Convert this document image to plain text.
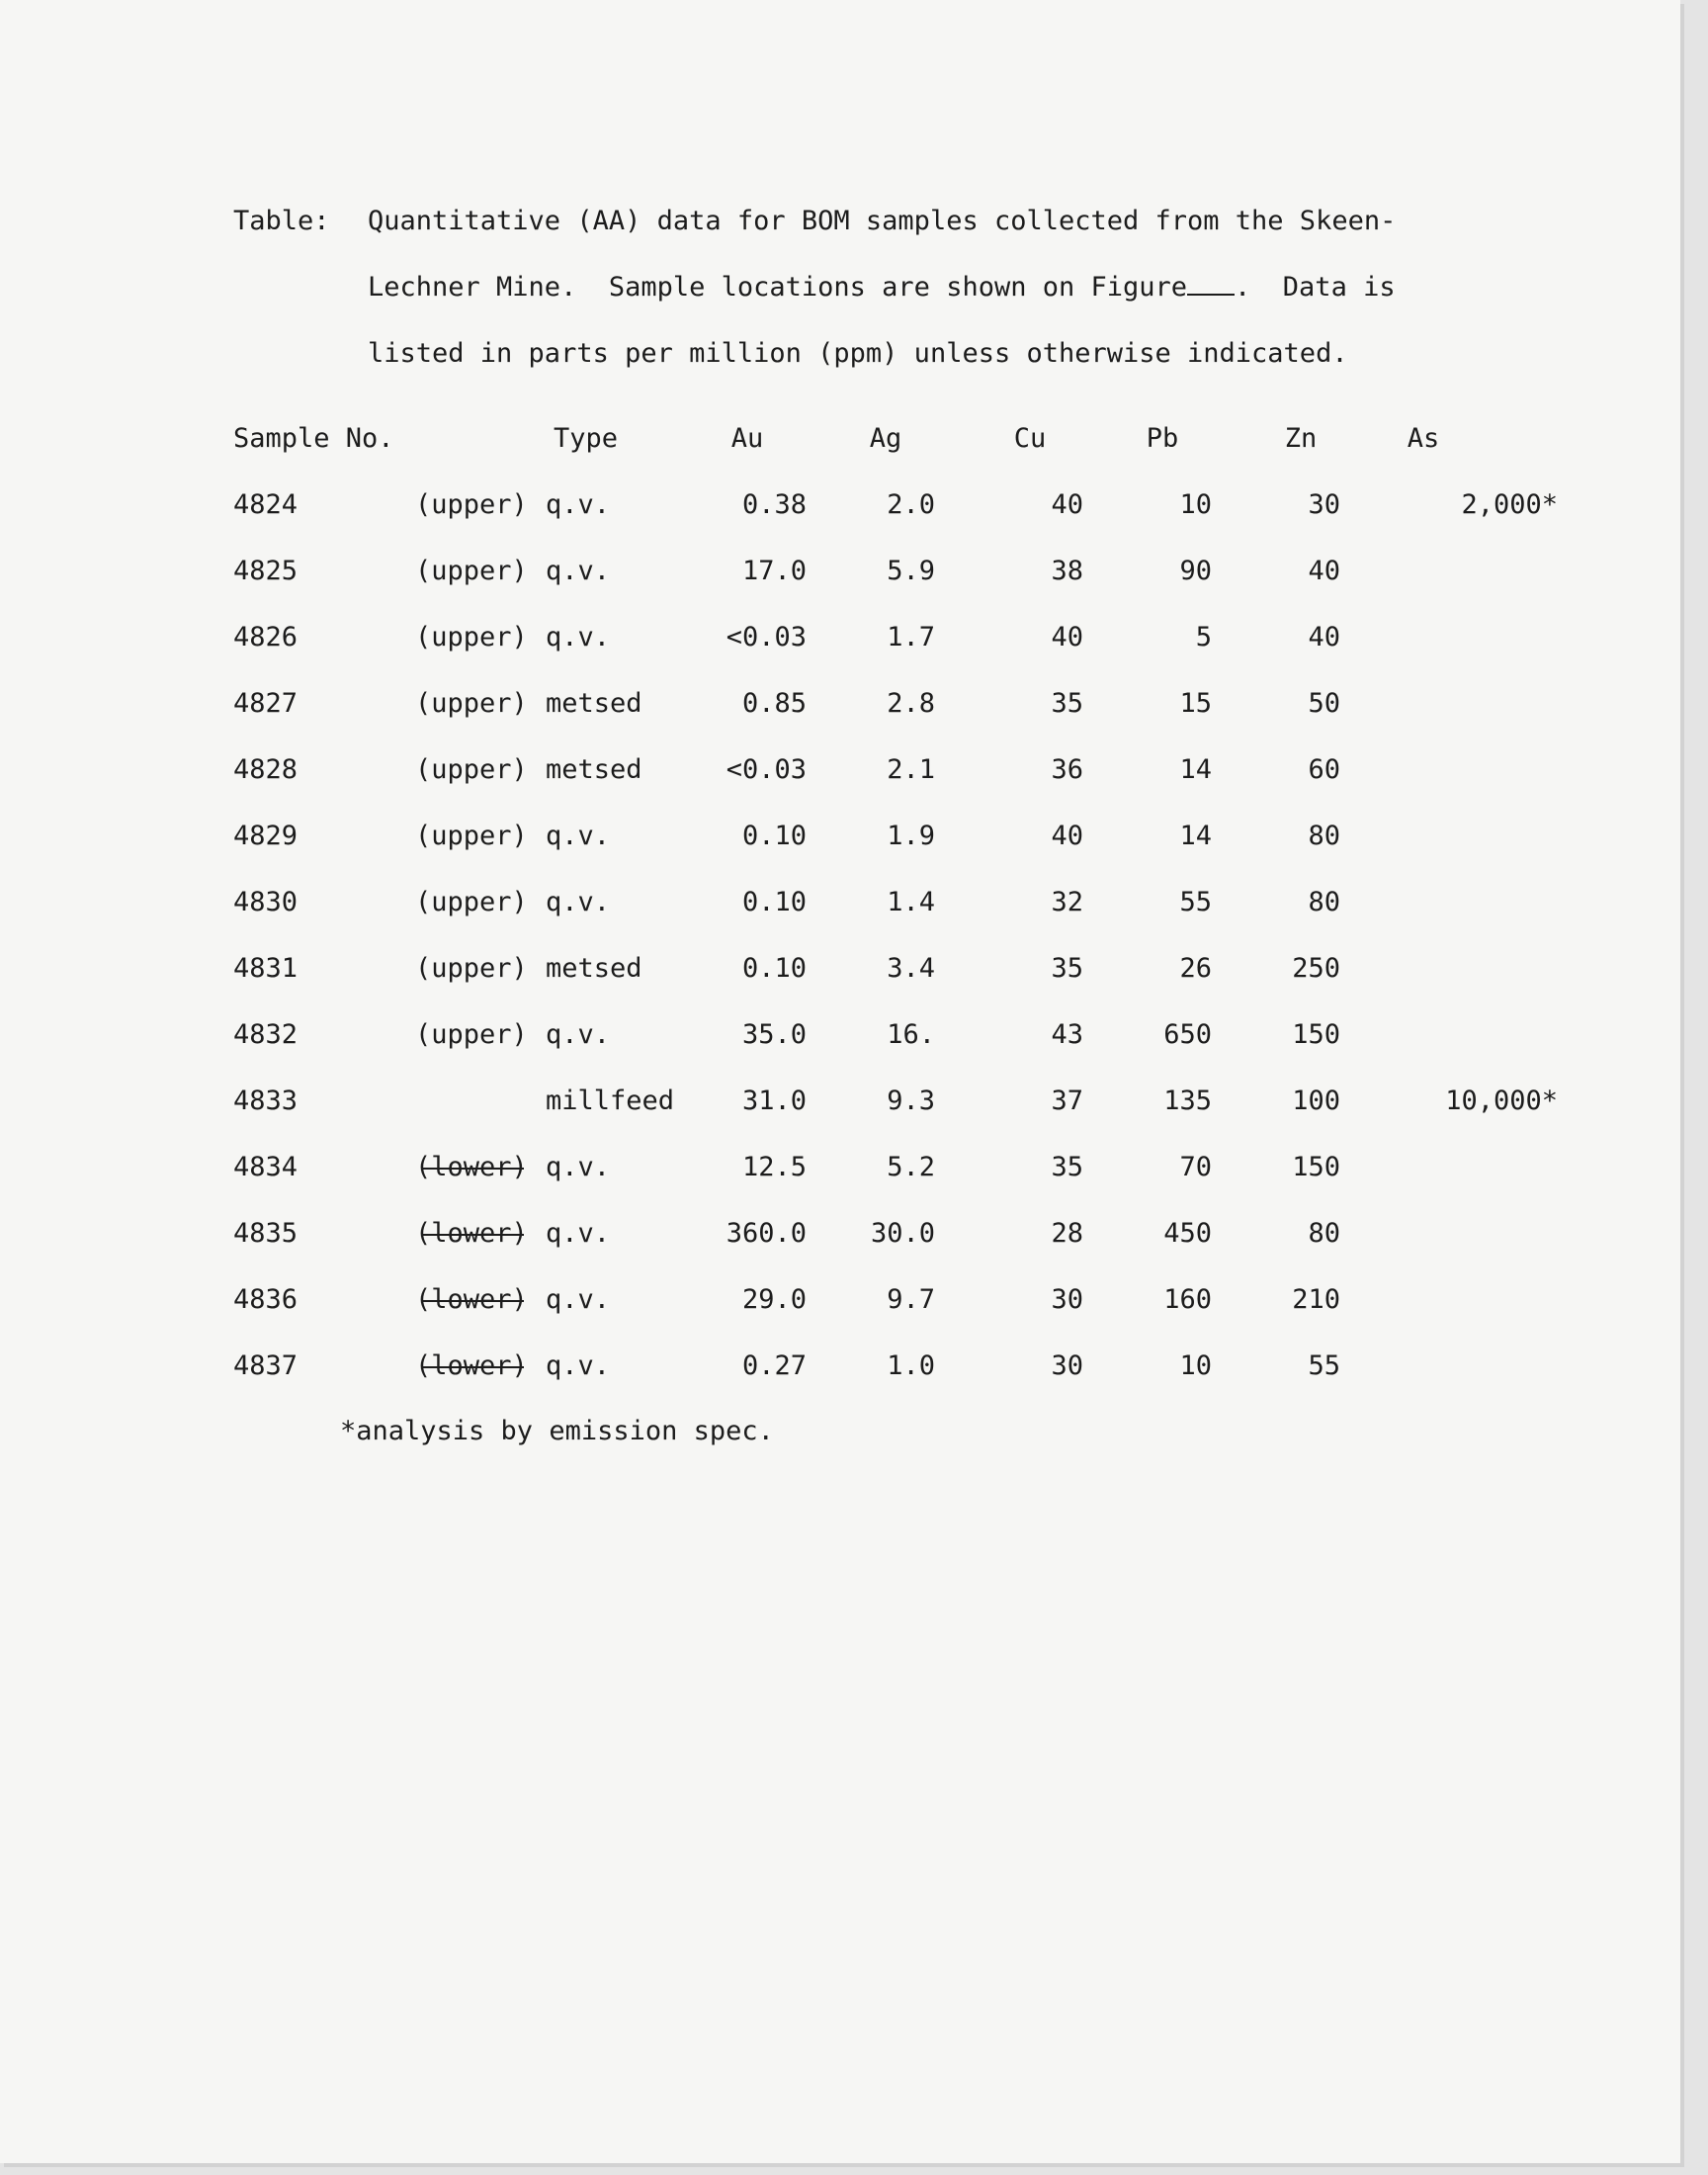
Table: Quantitative (AA) data for BOM samples collected from the Skeen-
Lechner Mine.  Sample locations are shown on Figure .  Data is
listed in parts per million (ppm) unless otherwise indicated.
Sample No.	Type	Au	Ag	Cu	Pb	Zn	As
4824	(upper) q.v.	0.38	2.0	40	10	30	2,000*
4825	(upper) q.v.	17.0	5.9	38	90	40
4826	(upper) q.v.	<0.03	1.7	40	5	40
4827	(upper) metsed	0.85	2.8	35	15	50
4828	(upper) metsed	<0.03	2.1	36	14	60
4829	(upper) q.v.	0.10	1.9	40	14	80
4830	(upper) q.v.	0.10	1.4	32	55	80
4831	(upper) metsed	0.10	3.4	35	26	250
4832	(upper) q.v.	35.0	16.	43	650	150
4833	millfeed	31.0	9.3	37	135	100	10,000*
4834	(lower) q.v.	12.5	5.2	35	70	150
4835	(lower) q.v.	360.0	30.0	28	450	80
4836	(lower) q.v.	29.0	9.7	30	160	210
4837	(lower) q.v.	0.27	1.0	30	10	55
*analysis by emission spec.
